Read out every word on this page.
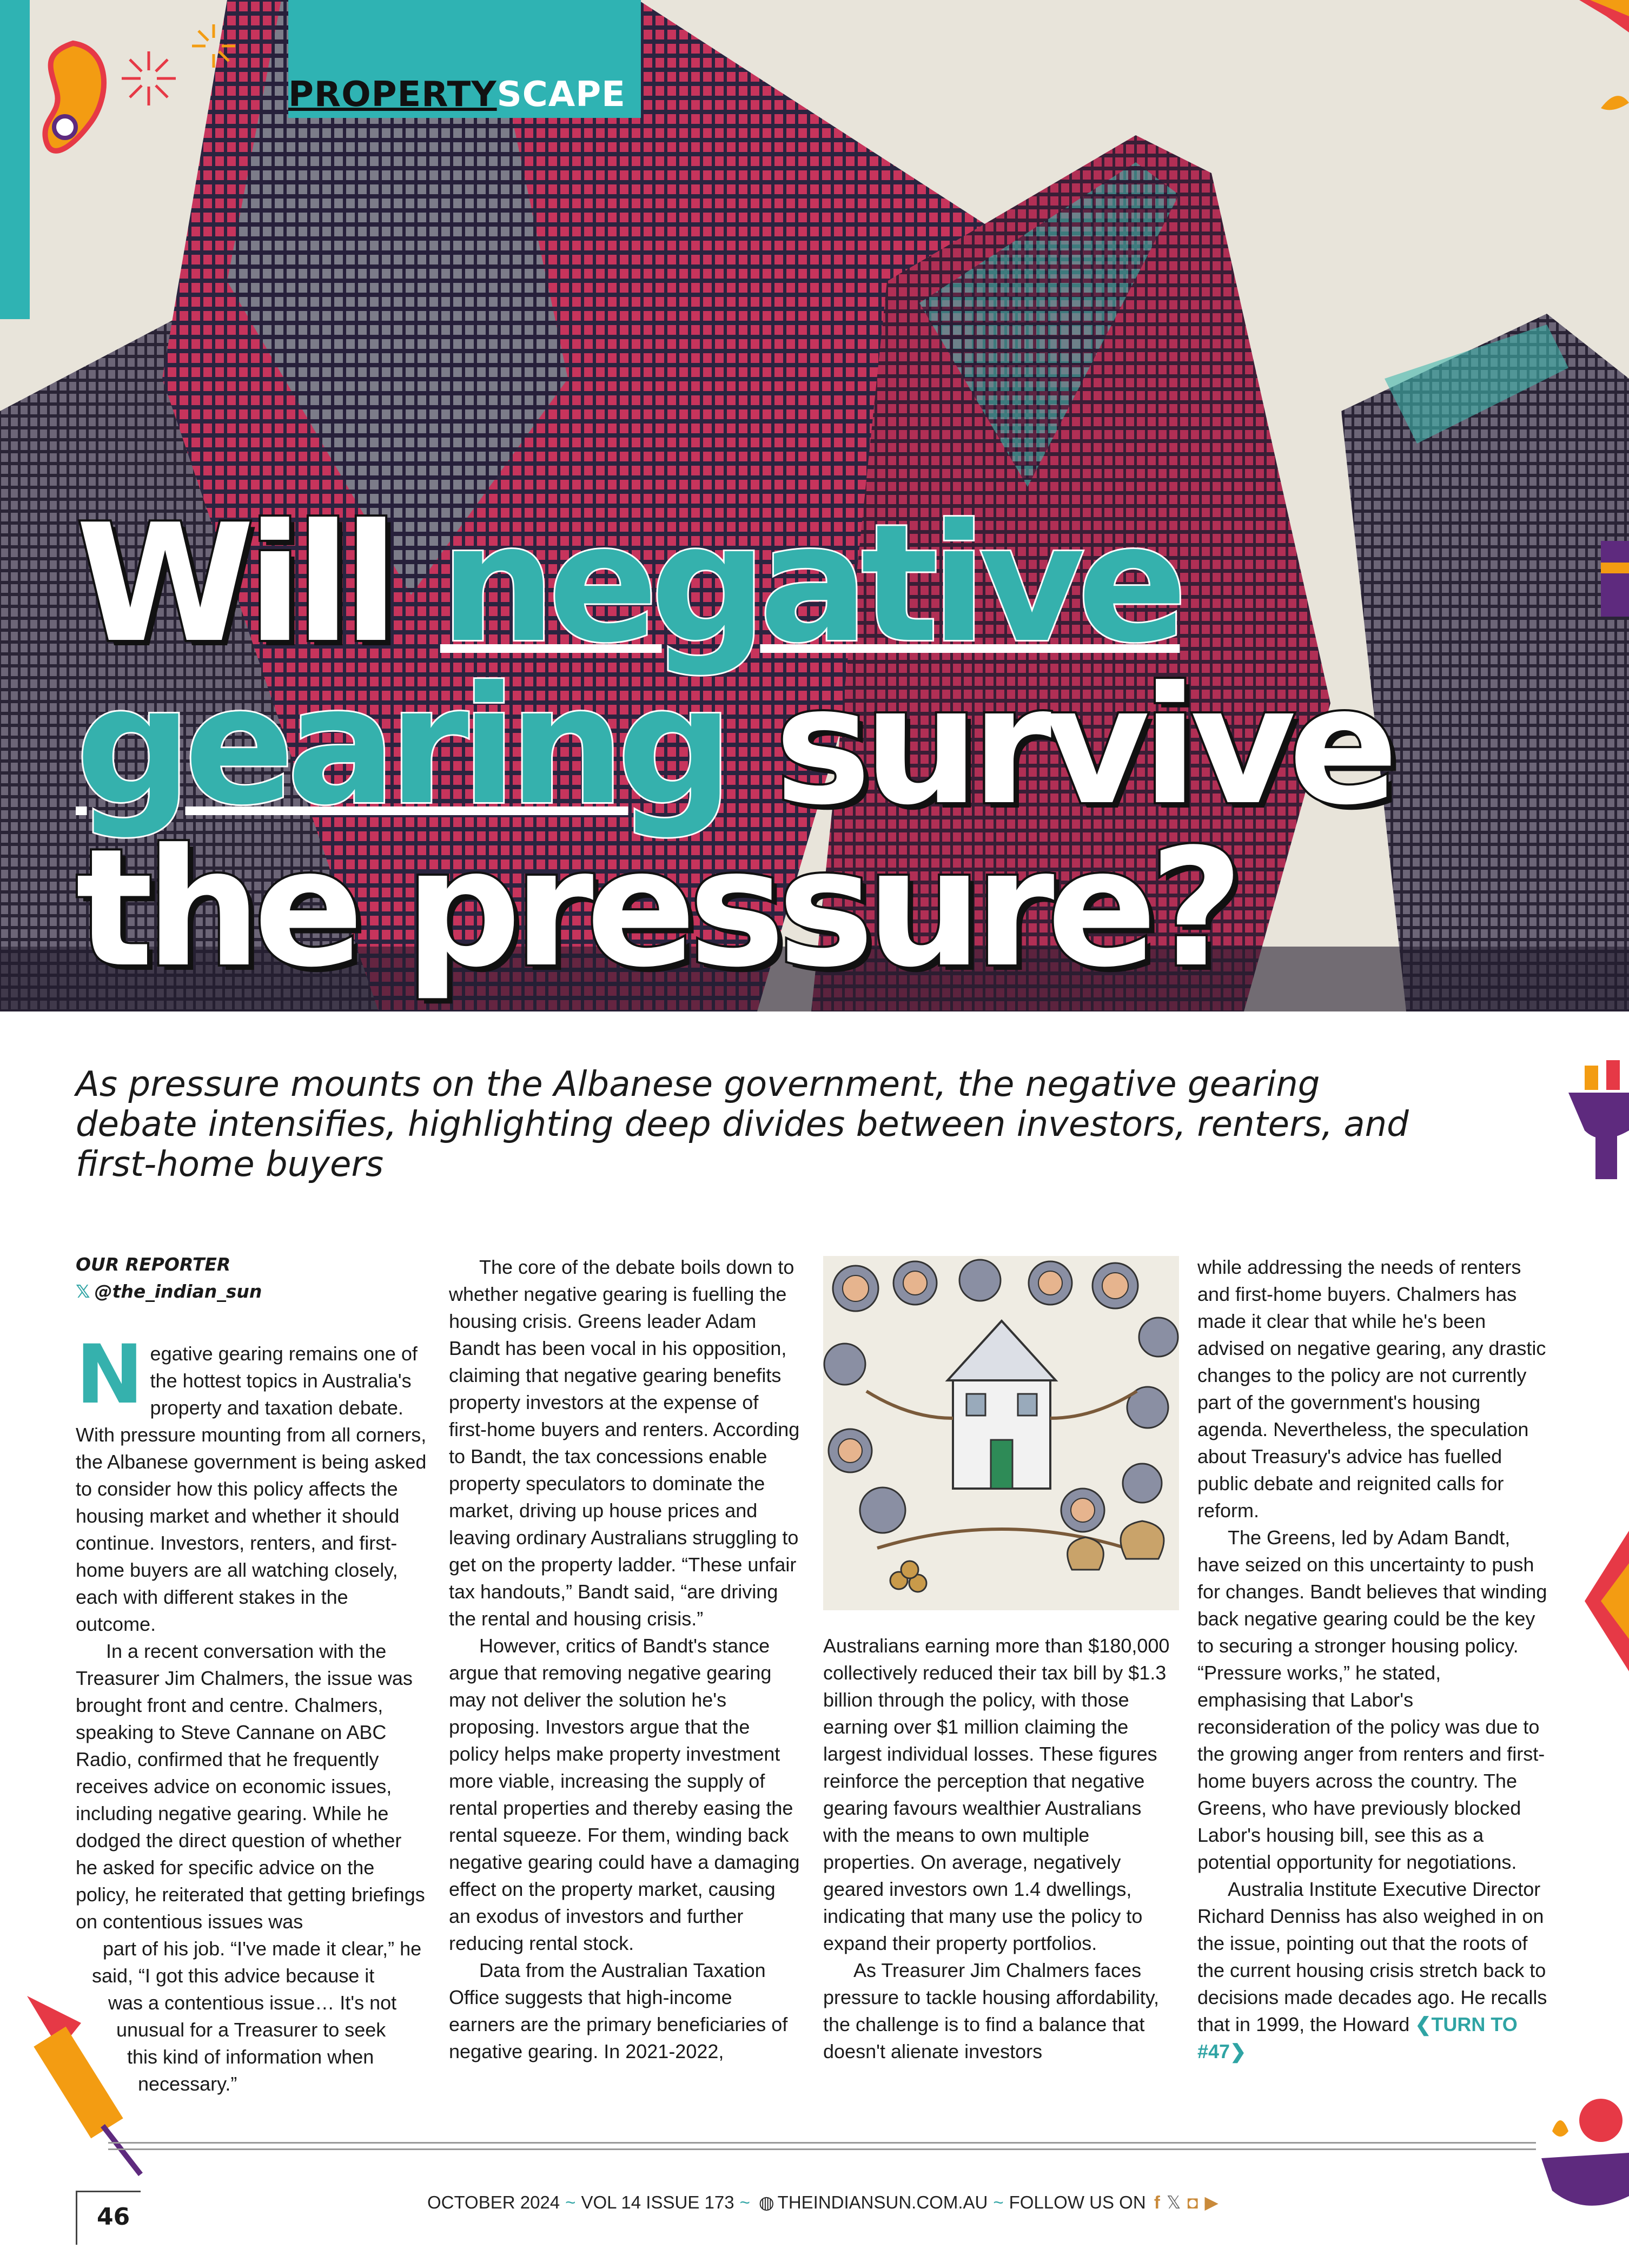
PROPERTYSCAPE
Will negative
gearing survive
the pressure?
As pressure mounts on the Albanese government, the negative gearing debate intensifies, highlighting deep divides between investors, renters, and first-home buyers
OUR REPORTER
𝕏 @the_indian_sun

Negative gearing remains one of the hottest topics in Australia's property and taxation debate. With pressure mounting from all corners, the Albanese government is being asked to consider how this policy affects the housing market and whether it should continue. Investors, renters, and first-home buyers are all watching closely, each with different stakes in the outcome.

In a recent conversation with the Treasurer Jim Chalmers, the issue was brought front and centre. Chalmers, speaking to Steve Cannane on ABC Radio, confirmed that he frequently receives advice on economic issues, including negative gearing. While he dodged the direct question of whether he asked for specific advice on the policy, he reiterated that getting briefings on contentious issues was

part of his job. “I've made it clear,” he
said, “I got this advice because it
was a contentious issue… It's not
unusual for a Treasurer to seek
this kind of information when
necessary.”

The core of the debate boils down to whether negative gearing is fuelling the housing crisis. Greens leader Adam Bandt has been vocal in his opposition, claiming that negative gearing benefits property investors at the expense of first-home buyers and renters. According to Bandt, the tax concessions enable property speculators to dominate the market, driving up house prices and leaving ordinary Australians struggling to get on the property ladder. “These unfair tax handouts,” Bandt said, “are driving the rental and housing crisis.”

However, critics of Bandt's stance argue that removing negative gearing may not deliver the solution he's proposing. Investors argue that the policy helps make property investment more viable, increasing the supply of rental properties and thereby easing the rental squeeze. For them, winding back negative gearing could have a damaging effect on the property market, causing an exodus of investors and further reducing rental stock.

Data from the Australian Taxation Office suggests that high-income earners are the primary beneficiaries of negative gearing. In 2021-2022,

Australians earning more than $180,000 collectively reduced their tax bill by $1.3 billion through the policy, with those earning over $1 million claiming the largest individual losses. These figures reinforce the perception that negative gearing favours wealthier Australians with the means to own multiple properties. On average, negatively geared investors own 1.4 dwellings, indicating that many use the policy to expand their property portfolios.

As Treasurer Jim Chalmers faces pressure to tackle housing affordability, the challenge is to find a balance that doesn't alienate investors

while addressing the needs of renters and first-home buyers. Chalmers has made it clear that while he's been advised on negative gearing, any drastic changes to the policy are not currently part of the government's housing agenda. Nevertheless, the speculation about Treasury's advice has fuelled public debate and reignited calls for reform.

The Greens, led by Adam Bandt, have seized on this uncertainty to push for changes. Bandt believes that winding back negative gearing could be the key to securing a stronger housing policy. “Pressure works,” he stated, emphasising that Labor's reconsideration of the policy was due to the growing anger from renters and first-home buyers across the country. The Greens, who have previously blocked Labor's housing bill, see this as a potential opportunity for negotiations.

Australia Institute Executive Director Richard Denniss has also weighed in on the issue, pointing out that the roots of the current housing crisis stretch back to decisions made decades ago. He recalls that in 1999, the Howard ❮TURN TO #47❯

46
OCTOBER 2024 ~ VOL 14 ISSUE 173 ~ ◍ THEINDIANSUN.COM.AU ~ FOLLOW US ON f 𝕏 ◘ ▶
